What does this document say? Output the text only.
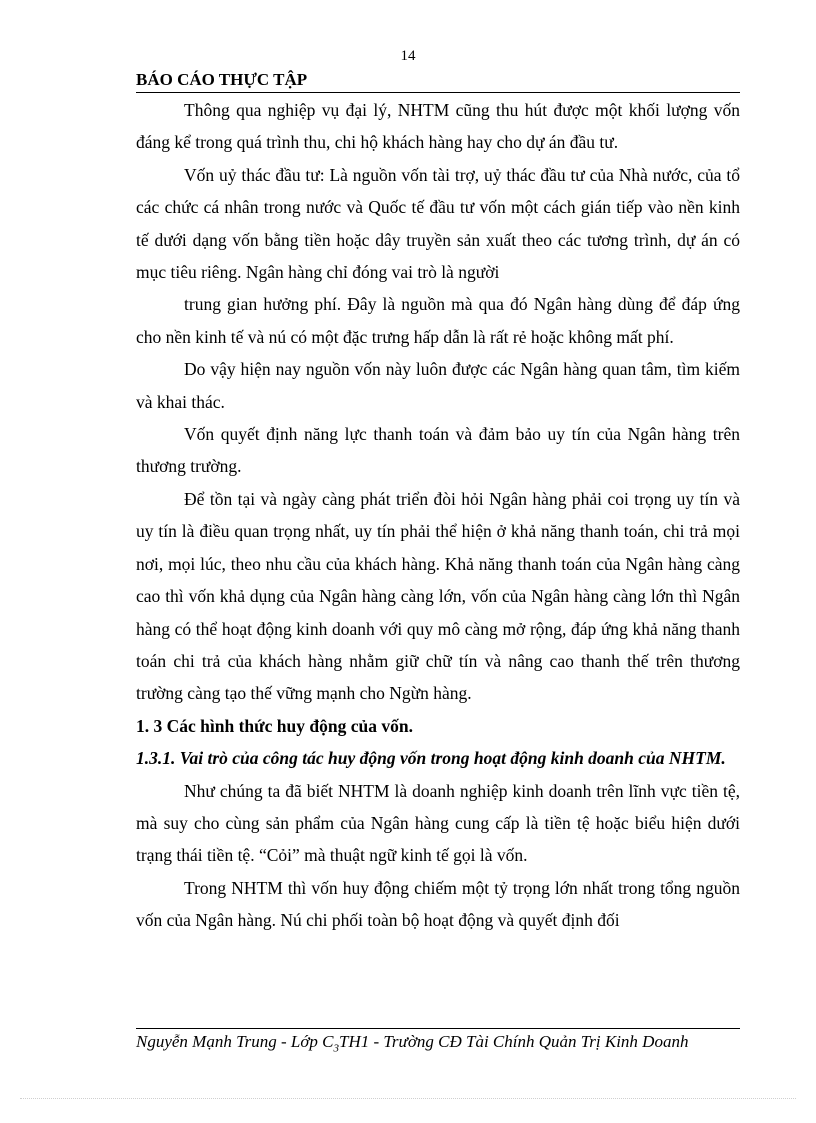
14
BÁO CÁO THỰC TẬP

Thông qua nghiệp vụ đại lý, NHTM cũng thu hút được một khối lượng vốn đáng kể trong quá trình thu, chi hộ khách hàng hay cho dự án đầu tư.

Vốn uỷ thác đầu tư: Là nguồn vốn tài trợ, uỷ thác đầu tư của Nhà nước, của tổ các chức cá nhân trong nước và Quốc tế đầu tư vốn một cách gián tiếp vào nền kinh tế dưới dạng vốn bằng tiền hoặc dây truyền sản xuất theo các tương trình, dự án có mục tiêu riêng. Ngân hàng chỉ đóng vai trò là người

trung gian hưởng phí. Đây là nguồn mà qua đó Ngân hàng dùng để đáp ứng cho nền kinh tế và nú có một đặc trưng hấp dẫn là rất rẻ hoặc không mất phí.

Do vậy hiện nay nguồn vốn này luôn được các Ngân hàng quan tâm, tìm kiếm và khai thác.

Vốn quyết định năng lực thanh toán và đảm bảo uy tín của Ngân hàng trên thương trường.

Để tồn tại và ngày càng phát triển đòi hỏi Ngân hàng phải coi trọng uy tín và uy tín là điều quan trọng nhất, uy tín phải thể hiện ở khả năng thanh toán, chi trả mọi nơi, mọi lúc, theo nhu cầu của khách hàng. Khả năng thanh toán của Ngân hàng càng cao thì vốn khả dụng của Ngân hàng càng lớn, vốn của Ngân hàng càng lớn thì Ngân hàng có thể hoạt động kinh doanh với quy mô càng mở rộng, đáp ứng khả năng thanh toán chi trả của khách hàng nhằm giữ chữ tín và nâng cao thanh thế trên thương trường càng tạo thế vững mạnh cho Ngừn hàng.

1. 3 Các hình thức huy động của vốn.

1.3.1. Vai trò của công tác huy động vốn trong hoạt động kinh doanh của NHTM.

Như chúng ta đã biết NHTM là doanh nghiệp kinh doanh trên lĩnh vực tiền tệ, mà suy cho cùng sản phẩm của Ngân hàng cung cấp là tiền tệ hoặc biểu hiện dưới trạng thái tiền tệ. “Cỏi” mà thuật ngữ kinh tế gọi là vốn.

Trong NHTM thì vốn huy động chiếm một tỷ trọng lớn nhất trong tổng nguồn vốn của Ngân hàng. Nú chi phối toàn bộ hoạt động và quyết định đối

Nguyễn Mạnh Trung - Lớp $C_3TH1$ - Trường CĐ Tài Chính Quản Trị Kinh Doanh
